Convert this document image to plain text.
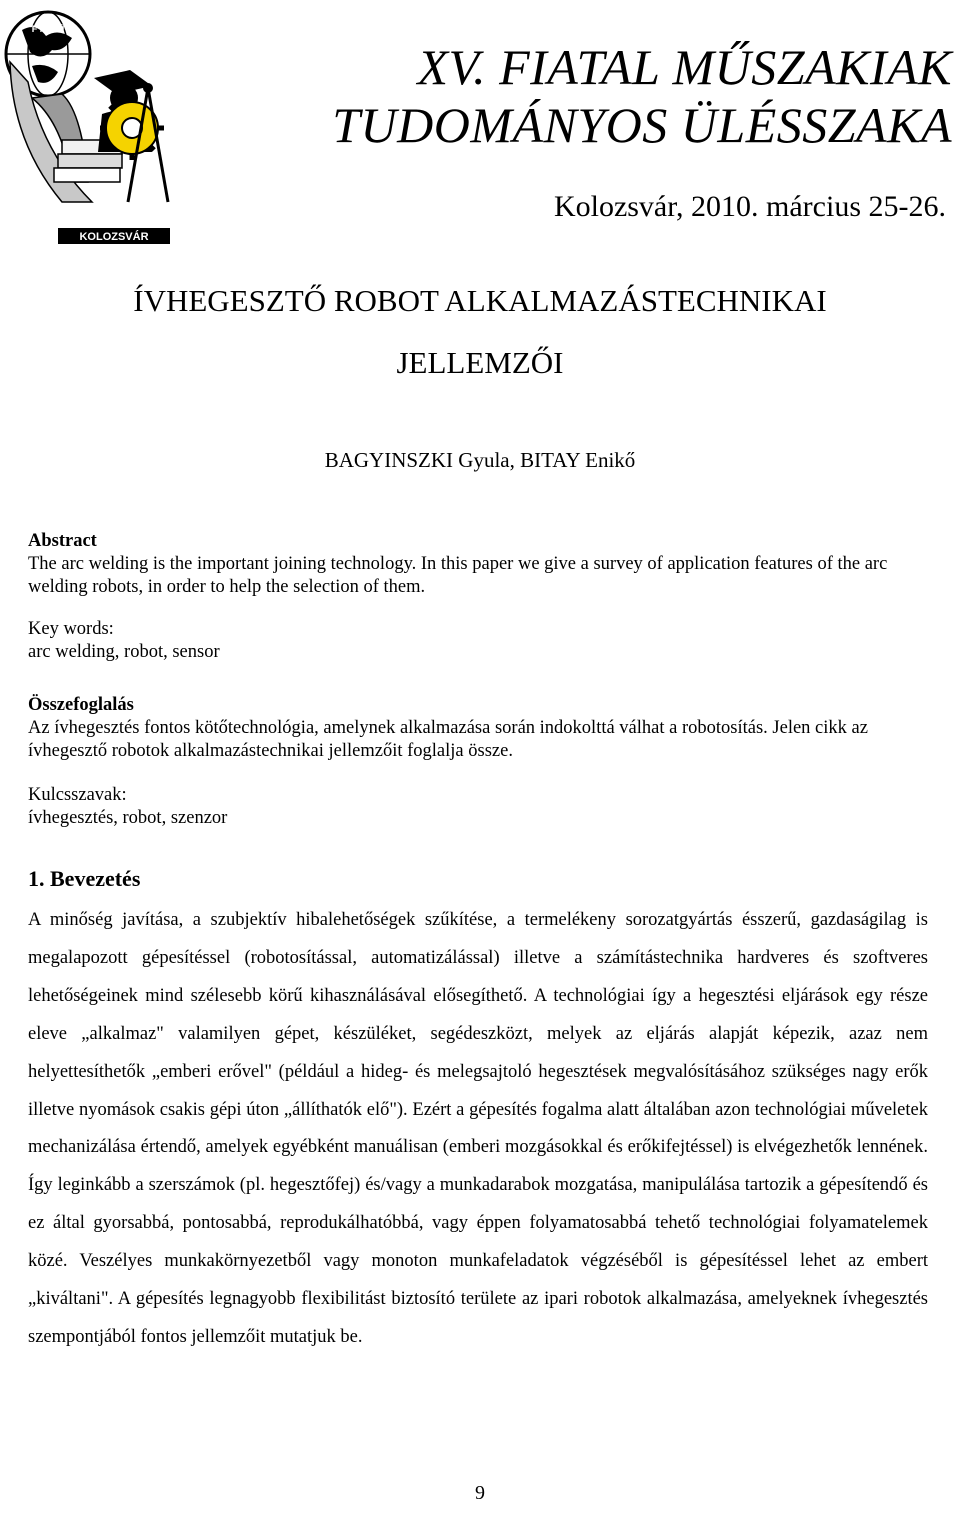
KOLOZSVÁR
F M T Ü
XV. FIATAL MŰSZAKIAK
TUDOMÁNYOS ÜLÉSSZAKA
Kolozsvár, 2010. március 25-26.
ÍVHEGESZTŐ ROBOT ALKALMAZÁSTECHNIKAI
JELLEMZŐI
BAGYINSZKI Gyula, BITAY Enikő
Abstract
The arc welding is the important joining technology. In this paper we give a survey of application features of the arc welding robots, in order to help the selection of them.
Key words:
arc welding, robot, sensor
Összefoglalás
Az ívhegesztés fontos kötőtechnológia, amelynek alkalmazása során indokolttá válhat a robotosítás. Jelen cikk az ívhegesztő robotok alkalmazástechnikai jellemzőit foglalja össze.
Kulcsszavak:
ívhegesztés, robot, szenzor
1. Bevezetés
A minőség javítása, a szubjektív hibalehetőségek szűkítése, a termelékeny sorozatgyártás ésszerű, gazdaságilag is megalapozott gépesítéssel (robotosítással, automatizálással) illetve a számítástechnika hardveres és szoftveres lehetőségeinek mind szélesebb körű kihasználásával elősegíthető. A technológiai így a hegesztési eljárások egy része eleve „alkalmaz" valamilyen gépet, készüléket, segédeszközt, melyek az eljárás alapját képezik, azaz nem helyettesíthetők „emberi erővel" (például a hideg- és melegsajtoló hegesztések megvalósításához szükséges nagy erők illetve nyomások csakis gépi úton „állíthatók elő"). Ezért a gépesítés fogalma alatt általában azon technológiai műveletek mechanizálása értendő, amelyek egyébként manuálisan (emberi mozgásokkal és erőkifejtéssel) is elvégezhetők lennének. Így leginkább a szerszámok (pl. hegesztőfej) és/vagy a munkadarabok mozgatása, manipulálása tartozik a gépesítendő és ez által gyorsabbá, pontosabbá, reprodukálhatóbbá, vagy éppen folyamatosabbá tehető technológiai folyamatelemek közé. Veszélyes munkakörnyezetből vagy monoton munkafeladatok végzéséből is gépesítéssel lehet az embert „kiváltani". A gépesítés legnagyobb flexibilitást biztosító területe az ipari robotok alkalmazása, amelyeknek ívhegesztés szempontjából fontos jellemzőit mutatjuk be.
9
